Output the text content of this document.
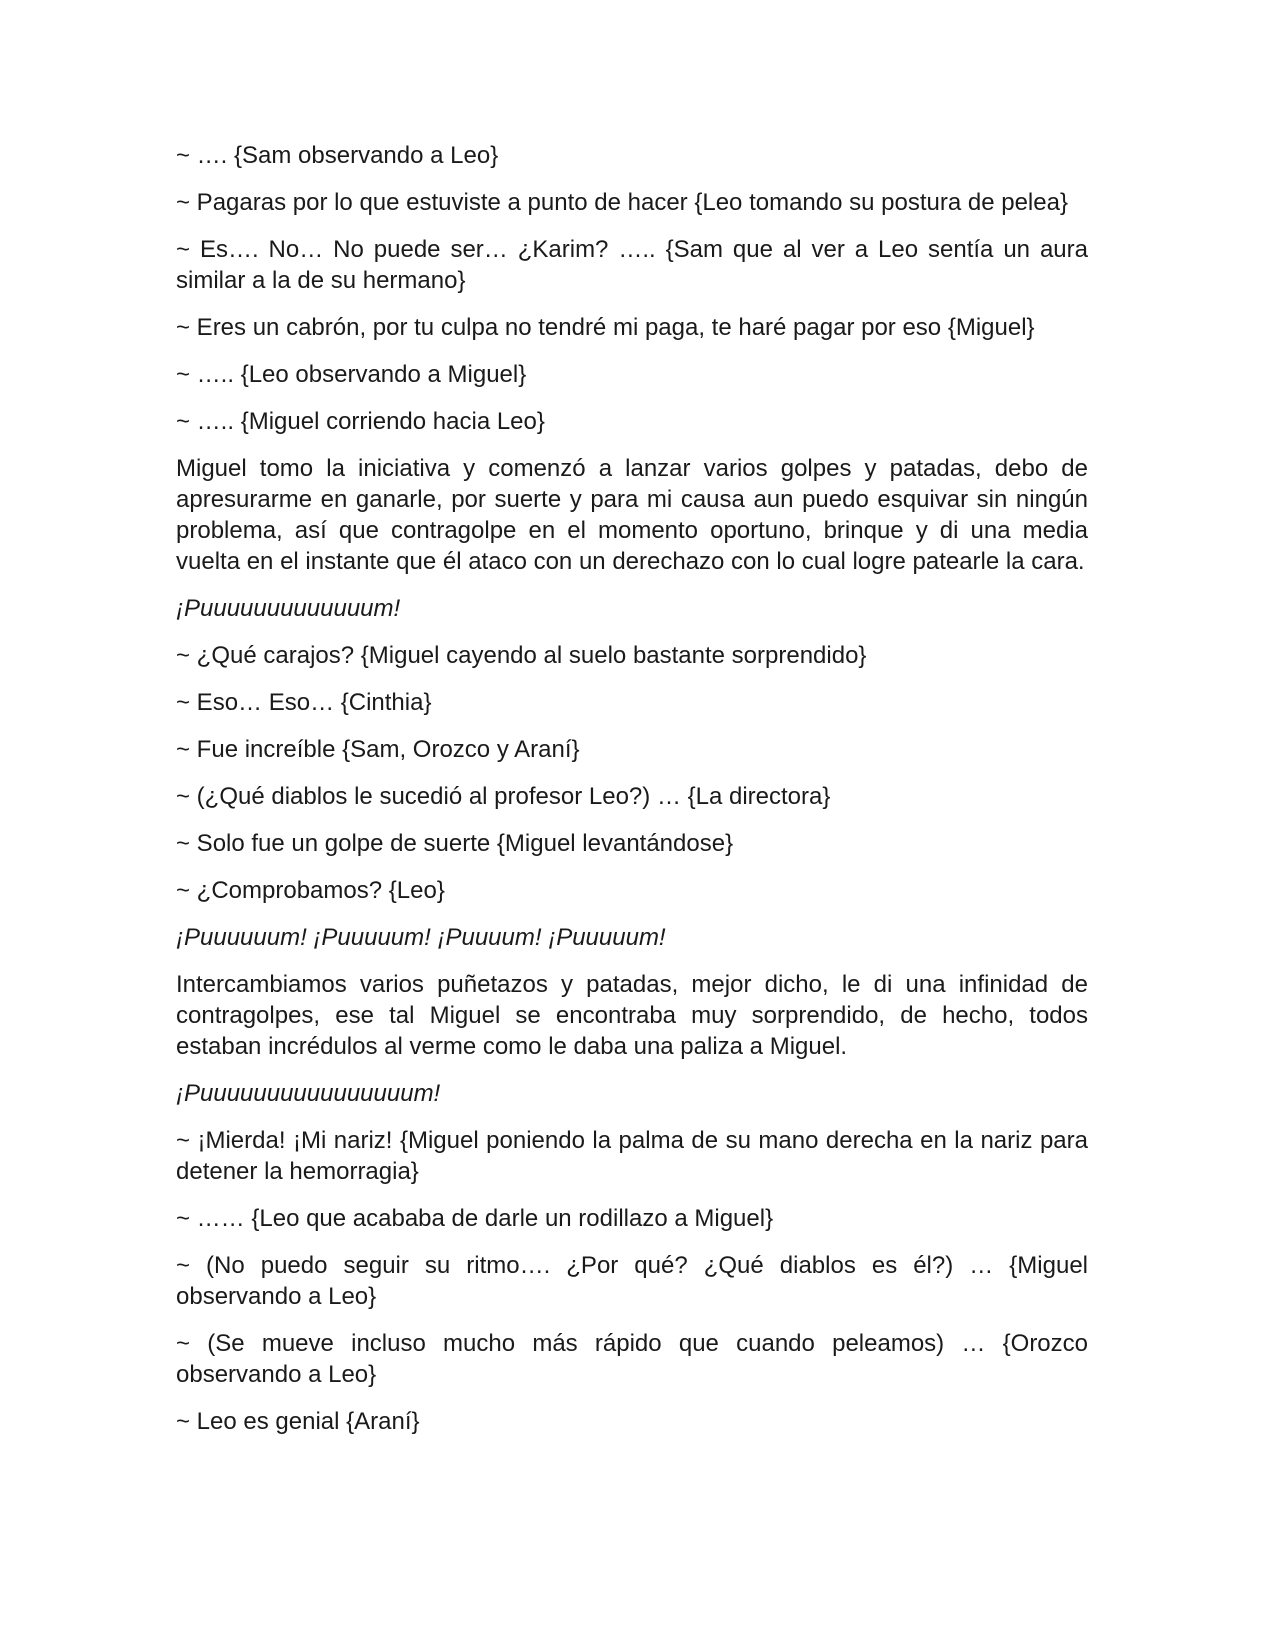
~ …. {Sam observando a Leo}

~ Pagaras por lo que estuviste a punto de hacer {Leo tomando su postura de pelea}

~ Es…. No… No puede ser… ¿Karim? ….. {Sam que al ver a Leo sentía un aura similar a la de su hermano}

~ Eres un cabrón, por tu culpa no tendré mi paga, te haré pagar por eso {Miguel}

~ ….. {Leo observando a Miguel}

~ ….. {Miguel corriendo hacia Leo}

Miguel tomo la iniciativa y comenzó a lanzar varios golpes y patadas, debo de apresurarme en ganarle, por suerte y para mi causa aun puedo esquivar sin ningún problema, así que contragolpe en el momento oportuno, brinque y di una media vuelta en el instante que él ataco con un derechazo con lo cual logre patearle la cara.

¡Puuuuuuuuuuuuum!

~ ¿Qué carajos? {Miguel cayendo al suelo bastante sorprendido}

~ Eso… Eso… {Cinthia}

~ Fue increíble {Sam, Orozco y Araní}

~ (¿Qué diablos le sucedió al profesor Leo?) … {La directora}

~ Solo fue un golpe de suerte {Miguel levantándose}

~ ¿Comprobamos? {Leo}

¡Puuuuuum! ¡Puuuuum! ¡Puuuum! ¡Puuuuum!

Intercambiamos varios puñetazos y patadas, mejor dicho, le di una infinidad de contragolpes, ese tal Miguel se encontraba muy sorprendido, de hecho, todos estaban incrédulos al verme como le daba una paliza a Miguel.

¡Puuuuuuuuuuuuuuuum!

~ ¡Mierda! ¡Mi nariz! {Miguel poniendo la palma de su mano derecha en la nariz para detener la hemorragia}

~ …… {Leo que acababa de darle un rodillazo a Miguel}

~ (No puedo seguir su ritmo…. ¿Por qué? ¿Qué diablos es él?) … {Miguel observando a Leo}

~ (Se mueve incluso mucho más rápido que cuando peleamos) … {Orozco observando a Leo}

~ Leo es genial {Araní}
